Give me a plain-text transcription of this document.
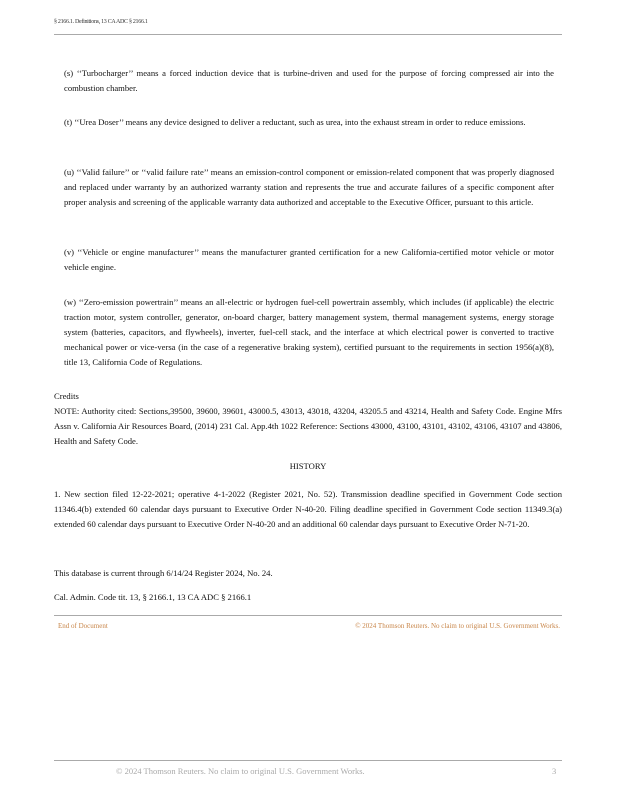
§ 2166.1. Definitions, 13 CA ADC § 2166.1
(s) ‘‘Turbocharger’’ means a forced induction device that is turbine-driven and used for the purpose of forcing compressed air into the combustion chamber.
(t) ‘‘Urea Doser’’ means any device designed to deliver a reductant, such as urea, into the exhaust stream in order to reduce emissions.
(u) ‘‘Valid failure’’ or ‘‘valid failure rate’’ means an emission-control component or emission-related component that was properly diagnosed and replaced under warranty by an authorized warranty station and represents the true and accurate failures of a specific component after proper analysis and screening of the applicable warranty data authorized and acceptable to the Executive Officer, pursuant to this article.
(v) ‘‘Vehicle or engine manufacturer’’ means the manufacturer granted certification for a new California-certified motor vehicle or motor vehicle engine.
(w) ‘‘Zero-emission powertrain’’ means an all-electric or hydrogen fuel-cell powertrain assembly, which includes (if applicable) the electric traction motor, system controller, generator, on-board charger, battery management system, thermal management systems, energy storage system (batteries, capacitors, and flywheels), inverter, fuel-cell stack, and the interface at which electrical power is converted to tractive mechanical power or vice-versa (in the case of a regenerative braking system), certified pursuant to the requirements in section 1956(a)(8), title 13, California Code of Regulations.
Credits
NOTE: Authority cited: Sections,39500, 39600, 39601, 43000.5, 43013, 43018, 43204, 43205.5 and 43214, Health and Safety Code. Engine Mfrs Assn v. California Air Resources Board, (2014) 231 Cal. App.4th 1022 Reference: Sections 43000, 43100, 43101, 43102, 43106, 43107 and 43806, Health and Safety Code.
HISTORY
1. New section filed 12-22-2021; operative 4-1-2022 (Register 2021, No. 52). Transmission deadline specified in Government Code section 11346.4(b) extended 60 calendar days pursuant to Executive Order N-40-20. Filing deadline specified in Government Code section 11349.3(a) extended 60 calendar days pursuant to Executive Order N-40-20 and an additional 60 calendar days pursuant to Executive Order N-71-20.
This database is current through 6/14/24 Register 2024, No. 24.
Cal. Admin. Code tit. 13, § 2166.1, 13 CA ADC § 2166.1
End of Document	© 2024 Thomson Reuters. No claim to original U.S. Government Works.
© 2024 Thomson Reuters. No claim to original U.S. Government Works.	3
